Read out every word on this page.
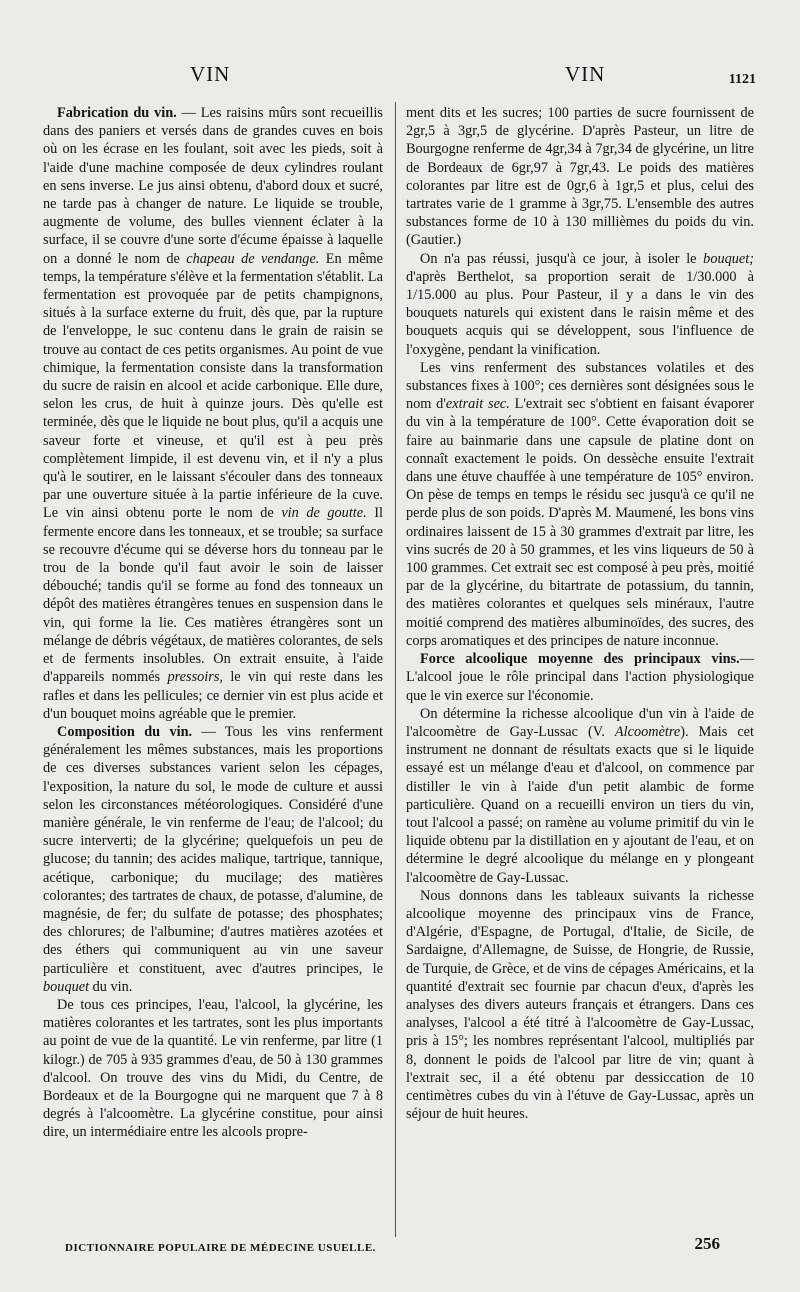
VIN	VIN	1121

Fabrication du vin. — Les raisins mûrs sont recueillis dans des paniers et versés dans de grandes cuves en bois où on les écrase en les foulant, soit avec les pieds, soit à l'aide d'une machine composée de deux cylindres roulant en sens inverse. Le jus ainsi obtenu, d'abord doux et sucré, ne tarde pas à changer de nature. Le liquide se trouble, augmente de volume, des bulles viennent éclater à la surface, il se couvre d'une sorte d'écume épaisse à laquelle on a donné le nom de chapeau de vendange. En même temps, la température s'élève et la fermentation s'établit. La fermentation est provoquée par de petits champignons, situés à la surface externe du fruit, dès que, par la rupture de l'enveloppe, le suc contenu dans le grain de raisin se trouve au contact de ces petits organismes. Au point de vue chimique, la fermentation consiste dans la transformation du sucre de raisin en alcool et acide carbonique. Elle dure, selon les crus, de huit à quinze jours. Dès qu'elle est terminée, dès que le liquide ne bout plus, qu'il a acquis une saveur forte et vineuse, et qu'il est à peu près complètement limpide, il est devenu vin, et il n'y a plus qu'à le soutirer, en le laissant s'écouler dans des tonneaux par une ouverture située à la partie inférieure de la cuve. Le vin ainsi obtenu porte le nom de vin de goutte. Il fermente encore dans les tonneaux, et se trouble; sa surface se recouvre d'écume qui se déverse hors du tonneau par le trou de la bonde qu'il faut avoir le soin de laisser débouché; tandis qu'il se forme au fond des tonneaux un dépôt des matières étrangères tenues en suspension dans le vin, qui forme la lie. Ces matières étrangères sont un mélange de débris végétaux, de matières colorantes, de sels et de ferments insolubles. On extrait ensuite, à l'aide d'appareils nommés pressoirs, le vin qui reste dans les rafles et dans les pellicules; ce dernier vin est plus acide et d'un bouquet moins agréable que le premier.

Composition du vin. — Tous les vins renferment généralement les mêmes substances, mais les proportions de ces diverses substances varient selon les cépages, l'exposition, la nature du sol, le mode de culture et aussi selon les circonstances météorologiques. Considéré d'une manière générale, le vin renferme de l'eau; de l'alcool; du sucre interverti; de la glycérine; quelquefois un peu de glucose; du tannin; des acides malique, tartrique, tannique, acétique, carbonique; du mucilage; des matières colorantes; des tartrates de chaux, de potasse, d'alumine, de magnésie, de fer; du sulfate de potasse; des phosphates; des chlorures; de l'albumine; d'autres matières azotées et des éthers qui communiquent au vin une saveur particulière et constituent, avec d'autres principes, le bouquet du vin.

De tous ces principes, l'eau, l'alcool, la glycérine, les matières colorantes et les tartrates, sont les plus importants au point de vue de la quantité. Le vin renferme, par litre (1 kilogr.) de 705 à 935 grammes d'eau, de 50 à 130 grammes d'alcool. On trouve des vins du Midi, du Centre, de Bordeaux et de la Bourgogne qui ne marquent que 7 à 8 degrés à l'alcoomètre. La glycérine constitue, pour ainsi dire, un intermédiaire entre les alcools propre-

ment dits et les sucres; 100 parties de sucre fournissent de 2gr,5 à 3gr,5 de glycérine. D'après Pasteur, un litre de Bourgogne renferme de 4gr,34 à 7gr,34 de glycérine, un litre de Bordeaux de 6gr,97 à 7gr,43. Le poids des matières colorantes par litre est de 0gr,6 à 1gr,5 et plus, celui des tartrates varie de 1 gramme à 3gr,75. L'ensemble des autres substances forme de 10 à 130 millièmes du poids du vin. (Gautier.)

On n'a pas réussi, jusqu'à ce jour, à isoler le bouquet; d'après Berthelot, sa proportion serait de 1/30.000 à 1/15.000 au plus. Pour Pasteur, il y a dans le vin des bouquets naturels qui existent dans le raisin même et des bouquets acquis qui se développent, sous l'influence de l'oxygène, pendant la vinification.

Les vins renferment des substances volatiles et des substances fixes à 100°; ces dernières sont désignées sous le nom d'extrait sec. L'extrait sec s'obtient en faisant évaporer du vin à la température de 100°. Cette évaporation doit se faire au bainmarie dans une capsule de platine dont on connaît exactement le poids. On dessèche ensuite l'extrait dans une étuve chauffée à une température de 105° environ. On pèse de temps en temps le résidu sec jusqu'à ce qu'il ne perde plus de son poids. D'après M. Maumené, les bons vins ordinaires laissent de 15 à 30 grammes d'extrait par litre, les vins sucrés de 20 à 50 grammes, et les vins liqueurs de 50 à 100 grammes. Cet extrait sec est composé à peu près, moitié par de la glycérine, du bitartrate de potassium, du tannin, des matières colorantes et quelques sels minéraux, l'autre moitié comprend des matières albuminoïdes, des sucres, des corps aromatiques et des principes de nature inconnue.

Force alcoolique moyenne des principaux vins.— L'alcool joue le rôle principal dans l'action physiologique que le vin exerce sur l'économie.

On détermine la richesse alcoolique d'un vin à l'aide de l'alcoomètre de Gay-Lussac (V. Alcoomètre). Mais cet instrument ne donnant de résultats exacts que si le liquide essayé est un mélange d'eau et d'alcool, on commence par distiller le vin à l'aide d'un petit alambic de forme particulière. Quand on a recueilli environ un tiers du vin, tout l'alcool a passé; on ramène au volume primitif du vin le liquide obtenu par la distillation en y ajoutant de l'eau, et on détermine le degré alcoolique du mélange en y plongeant l'alcoomètre de Gay-Lussac.

Nous donnons dans les tableaux suivants la richesse alcoolique moyenne des principaux vins de France, d'Algérie, d'Espagne, de Portugal, d'Italie, de Sicile, de Sardaigne, d'Allemagne, de Suisse, de Hongrie, de Russie, de Turquie, de Grèce, et de vins de cépages Américains, et la quantité d'extrait sec fournie par chacun d'eux, d'après les analyses des divers auteurs français et étrangers. Dans ces analyses, l'alcool a été titré à l'alcoomètre de Gay-Lussac, pris à 15°; les nombres représentant l'alcool, multipliés par 8, donnent le poids de l'alcool par litre de vin; quant à l'extrait sec, il a été obtenu par dessiccation de 10 centimètres cubes du vin à l'étuve de Gay-Lussac, après un séjour de huit heures.

DICTIONNAIRE POPULAIRE DE MÉDECINE USUELLE.	256
